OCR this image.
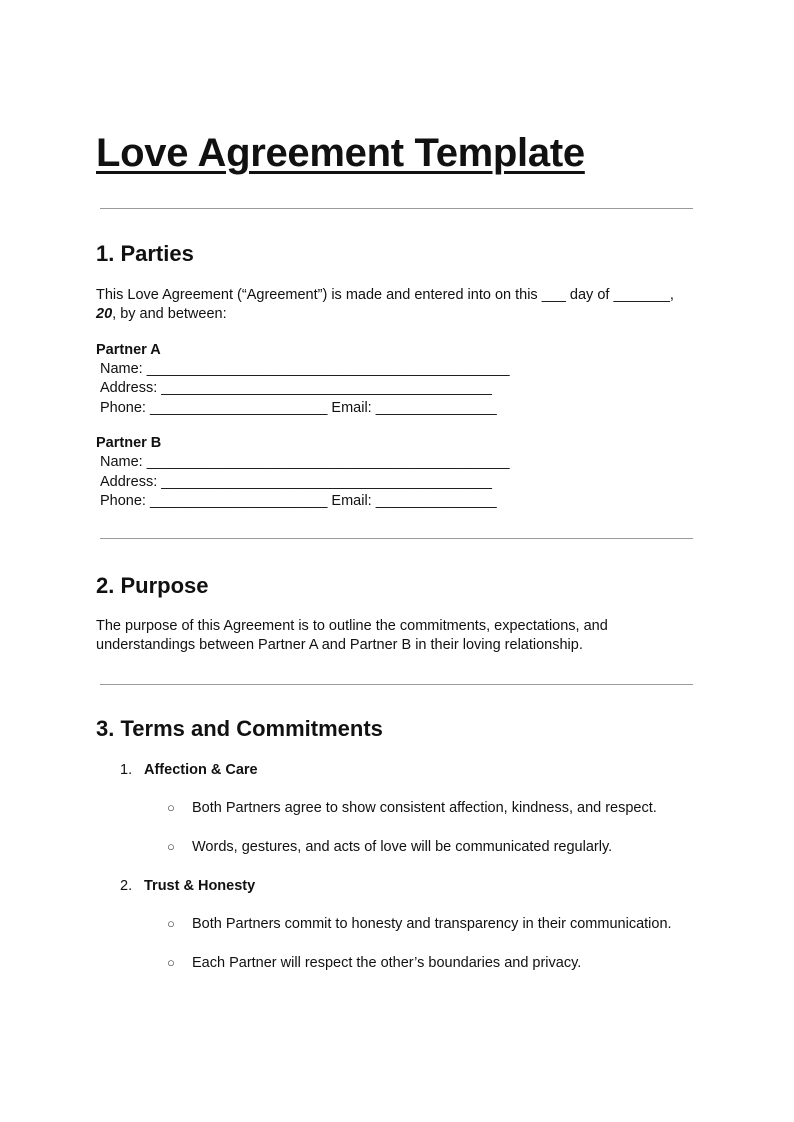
Love Agreement Template
1. Parties
This Love Agreement (“Agreement”) is made and entered into on this ___ day of _______,
20, by and between:
Partner A
Name: _____________________________________________
Address: _________________________________________
Phone: ______________________ Email: _______________
Partner B
Name: _____________________________________________
Address: _________________________________________
Phone: ______________________ Email: _______________
2. Purpose
The purpose of this Agreement is to outline the commitments, expectations, and
understandings between Partner A and Partner B in their loving relationship.
3. Terms and Commitments
1. Affection & Care
○ Both Partners agree to show consistent affection, kindness, and respect.
○ Words, gestures, and acts of love will be communicated regularly.
2. Trust & Honesty
○ Both Partners commit to honesty and transparency in their communication.
○ Each Partner will respect the other’s boundaries and privacy.
